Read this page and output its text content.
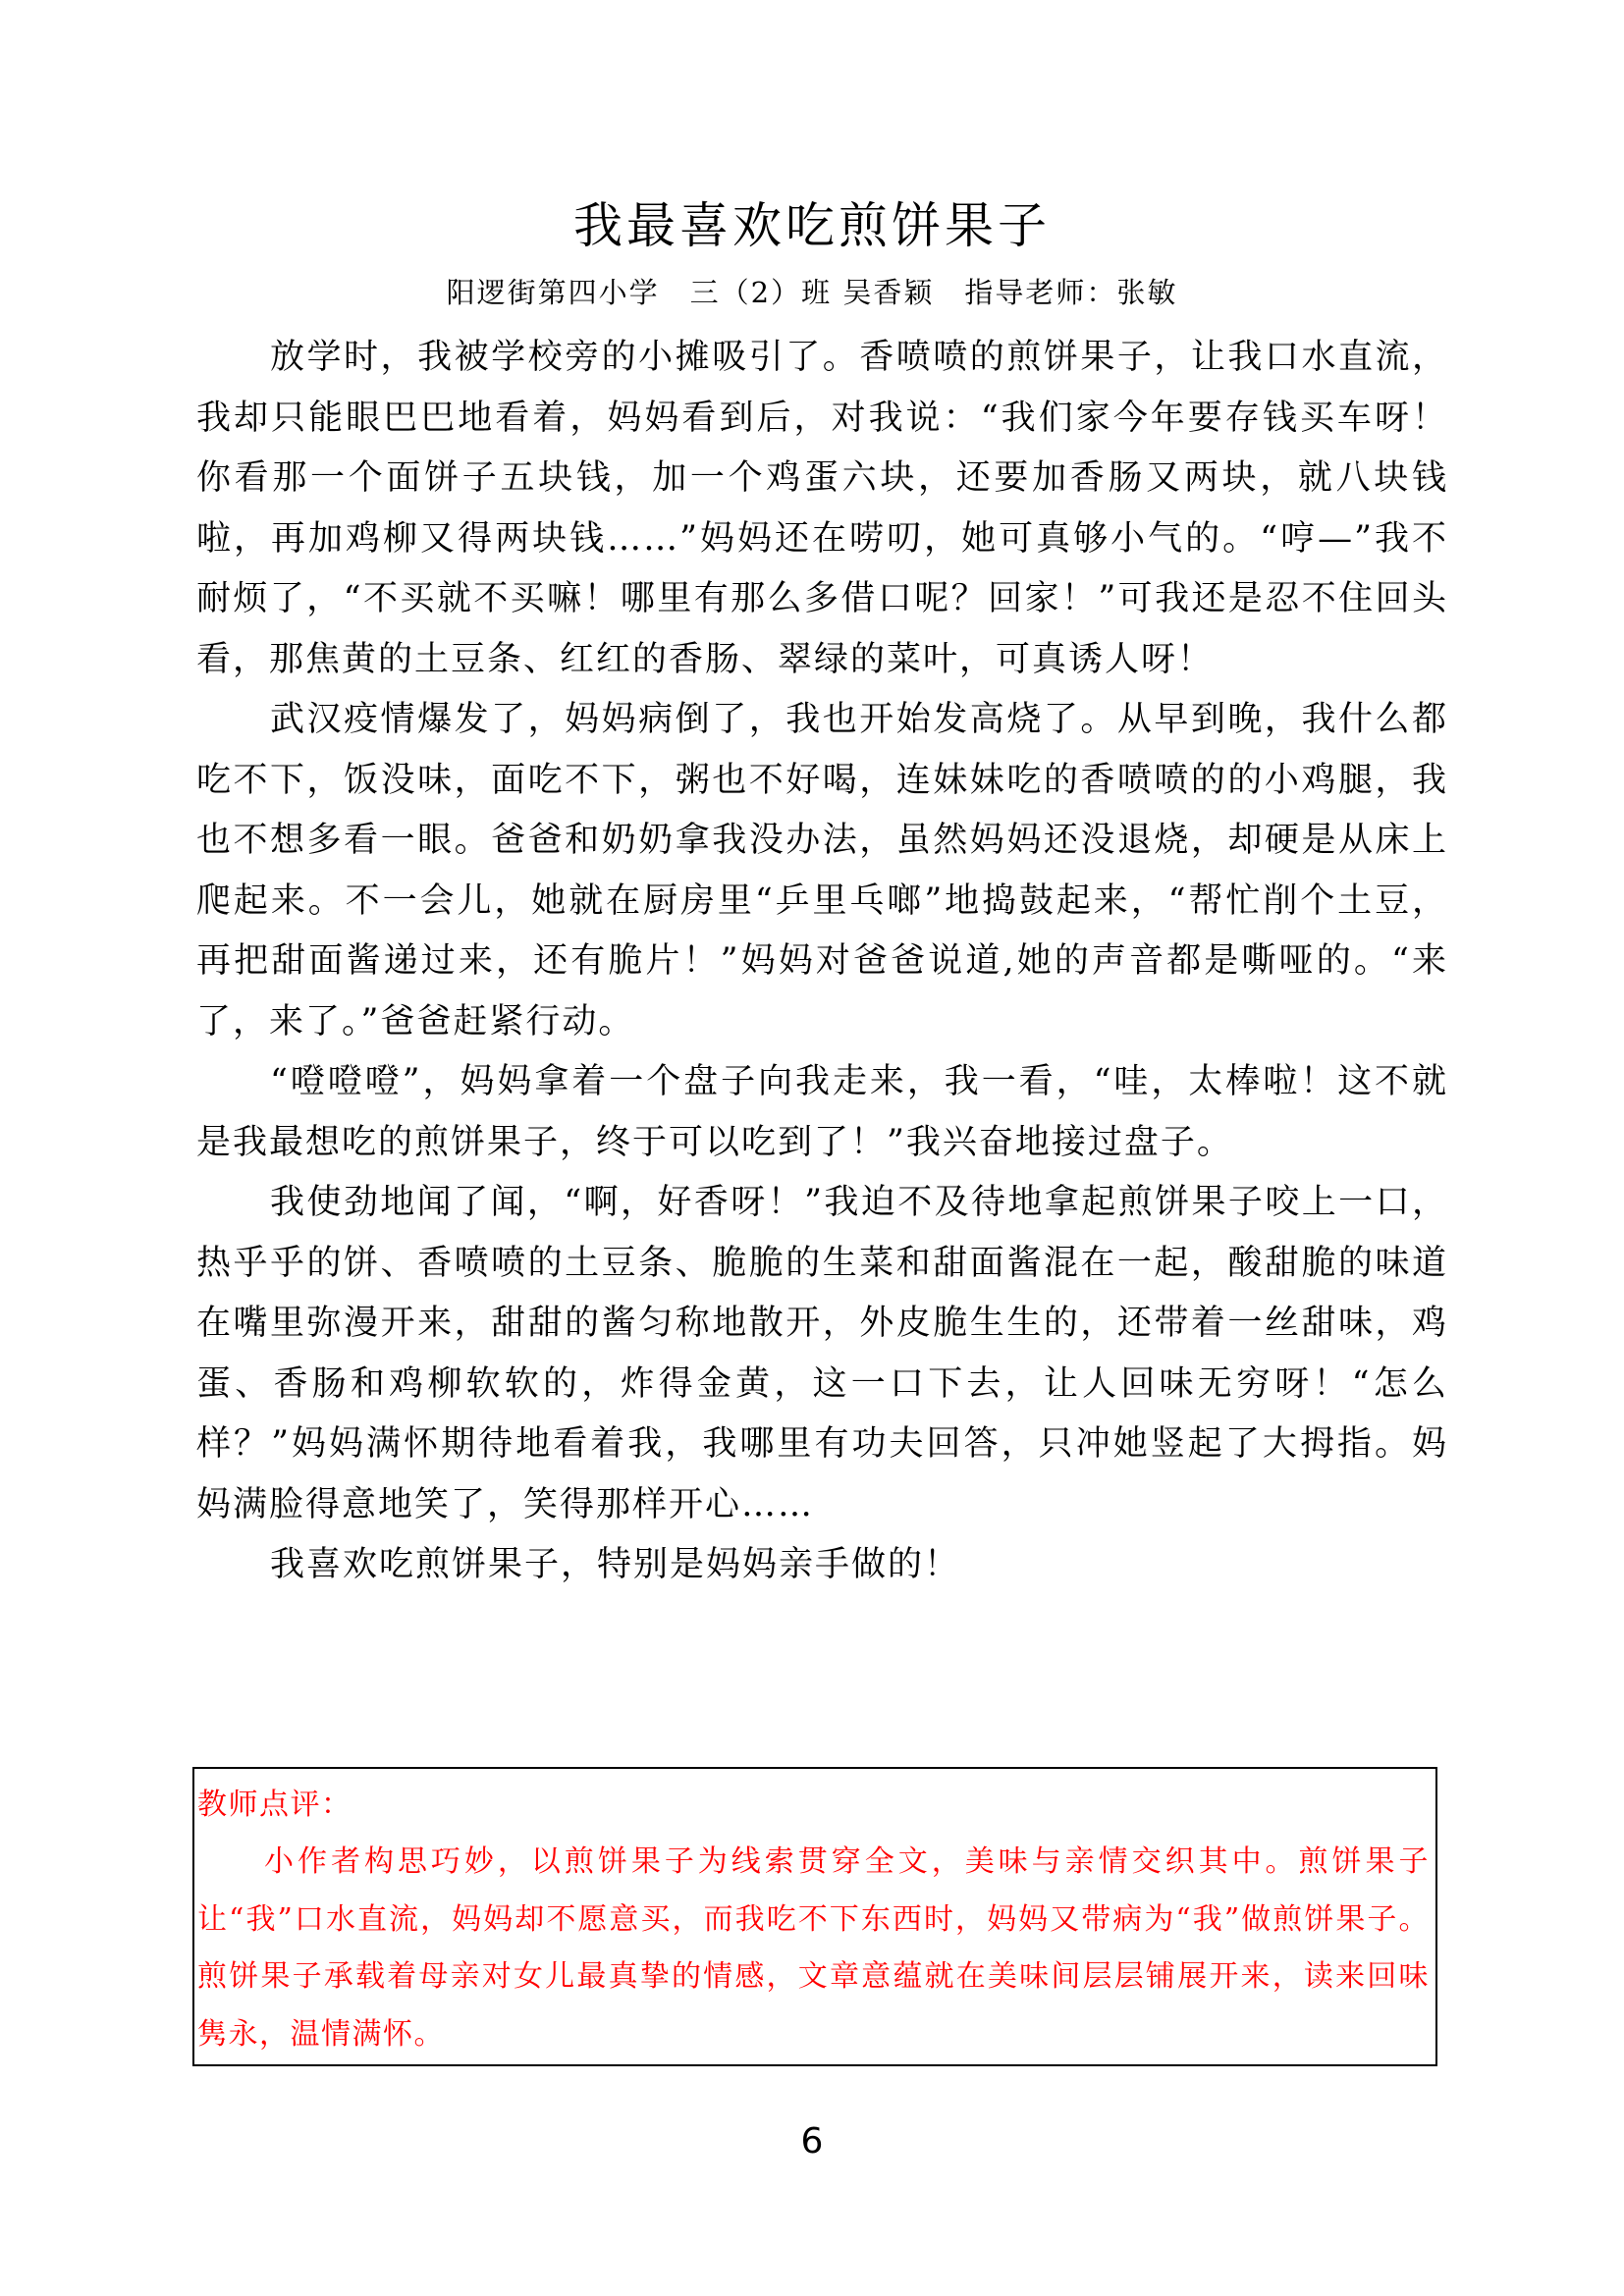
我最喜欢吃煎饼果子
阳逻街第四小学　三（2）班 吴香颖　指导老师：张敏

放学时，我被学校旁的小摊吸引了。香喷喷的煎饼果子，让我口水直流，我却只能眼巴巴地看着，妈妈看到后，对我说：“我们家今年要存钱买车呀！你看那一个面饼子五块钱，加一个鸡蛋六块，还要加香肠又两块，就八块钱啦，再加鸡柳又得两块钱……”妈妈还在唠叨，她可真够小气的。“哼—”我不耐烦了，“不买就不买嘛！哪里有那么多借口呢？回家！”可我还是忍不住回头看，那焦黄的土豆条、红红的香肠、翠绿的菜叶，可真诱人呀！

武汉疫情爆发了，妈妈病倒了，我也开始发高烧了。从早到晚，我什么都吃不下，饭没味，面吃不下，粥也不好喝，连妹妹吃的香喷喷的的小鸡腿，我也不想多看一眼。爸爸和奶奶拿我没办法，虽然妈妈还没退烧，却硬是从床上爬起来。不一会儿，她就在厨房里“乒里乓啷”地捣鼓起来，“帮忙削个土豆，再把甜面酱递过来，还有脆片！”妈妈对爸爸说道,她的声音都是嘶哑的。“来了，来了。”爸爸赶紧行动。

“噔噔噔”，妈妈拿着一个盘子向我走来，我一看，“哇，太棒啦！这不就是我最想吃的煎饼果子，终于可以吃到了！”我兴奋地接过盘子。

我使劲地闻了闻，“啊，好香呀！”我迫不及待地拿起煎饼果子咬上一口，热乎乎的饼、香喷喷的土豆条、脆脆的生菜和甜面酱混在一起，酸甜脆的味道在嘴里弥漫开来，甜甜的酱匀称地散开，外皮脆生生的，还带着一丝甜味，鸡蛋、香肠和鸡柳软软的，炸得金黄，这一口下去，让人回味无穷呀！“怎么样？”妈妈满怀期待地看着我，我哪里有功夫回答，只冲她竖起了大拇指。妈妈满脸得意地笑了，笑得那样开心……

我喜欢吃煎饼果子，特别是妈妈亲手做的！

教师点评：

小作者构思巧妙，以煎饼果子为线索贯穿全文，美味与亲情交织其中。煎饼果子让“我”口水直流，妈妈却不愿意买，而我吃不下东西时，妈妈又带病为“我”做煎饼果子。煎饼果子承载着母亲对女儿最真挚的情感，文章意蕴就在美味间层层铺展开来，读来回味隽永，温情满怀。

6
